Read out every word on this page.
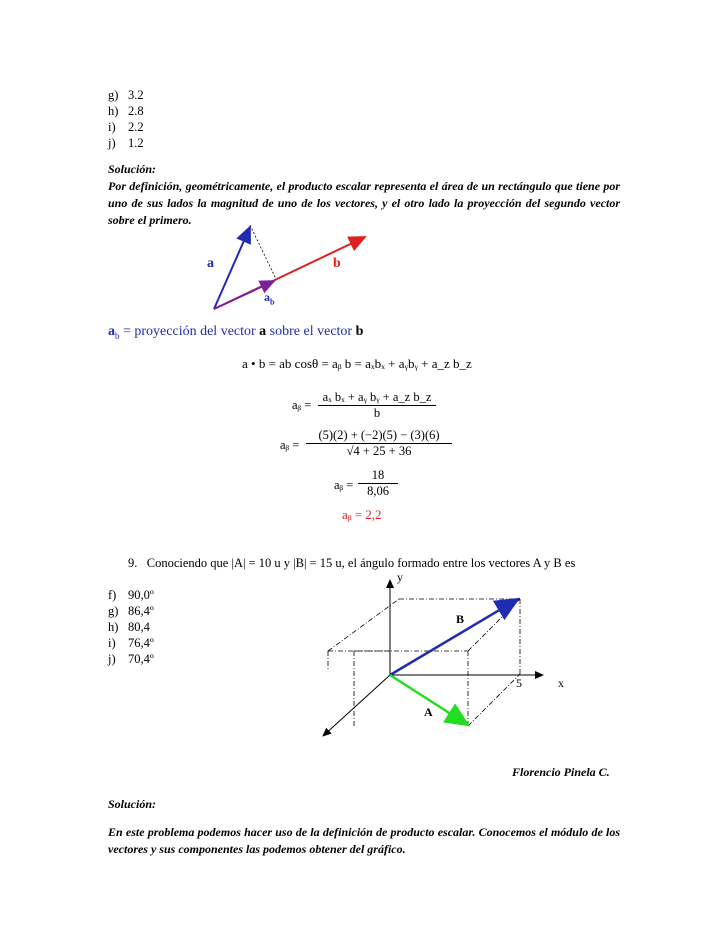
g) 3.2
h) 2.8
i) 2.2
j) 1.2
Solución:
Por definición, geométricamente, el producto escalar representa el área de un rectángulo que tiene por uno de sus lados la magnitud de uno de los vectores, y el otro lado la proyección del segundo vector sobre el primero.
a	b
$a_b$
$a_b$ = proyección del vector a sobre el vector b
a • b = ab cosθ = aᵦ b = aₓbₓ + aᵧbᵧ + a_z b_z
aᵦ = $\frac{\text{aₓ bₓ + aᵧ bᵧ + a\_z b\_z}}{b}$
aᵦ = $\frac{(5)(2) + (-2)(5) - (3)(6)}{√4 + 25 + 36}$
aᵦ = $\frac{18}{8,06}$
aᵦ = 2,2
9. Conociendo que |A| = 10 u y |B| = 15 u, el ángulo formado entre los vectores A y B es
f) 90,0º
g) 86,4º
h) 80,4
i) 76,4º
j) 70,4º
y
x
5
B
A
Florencio Pinela C.
Solución:
En este problema podemos hacer uso de la definición de producto escalar. Conocemos el módulo de los vectores y sus componentes las podemos obtener del gráfico.
